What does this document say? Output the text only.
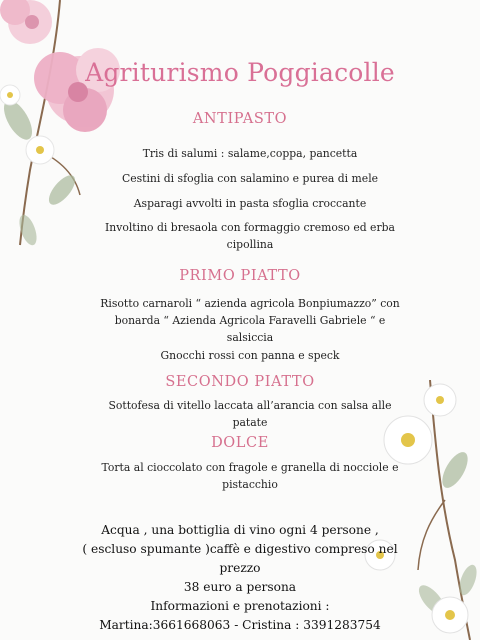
Agriturismo Poggiacolle
ANTIPASTO
Tris di salumi : salame,coppa, pancetta
Cestini di sfoglia con salamino e purea di mele
Asparagi avvolti in pasta sfoglia croccante
Involtino di bresaola con formaggio cremoso ed erba cipollina
PRIMO PIATTO
Risotto carnaroli “ azienda agricola Bonpiumazzo” con bonarda “ Azienda Agricola Faravelli Gabriele “ e salsiccia
Gnocchi rossi con panna e speck
SECONDO PIATTO
Sottofesa di vitello laccata all’arancia con salsa alle patate
DOLCE
Torta al cioccolato con fragole e granella di nocciole e pistacchio
Acqua , una bottiglia di vino ogni 4 persone ,
( escluso spumante )caffè e digestivo compreso nel prezzo
38 euro a persona
Informazioni e prenotazioni :
Martina:3661668063 - Cristina : 3391283754
